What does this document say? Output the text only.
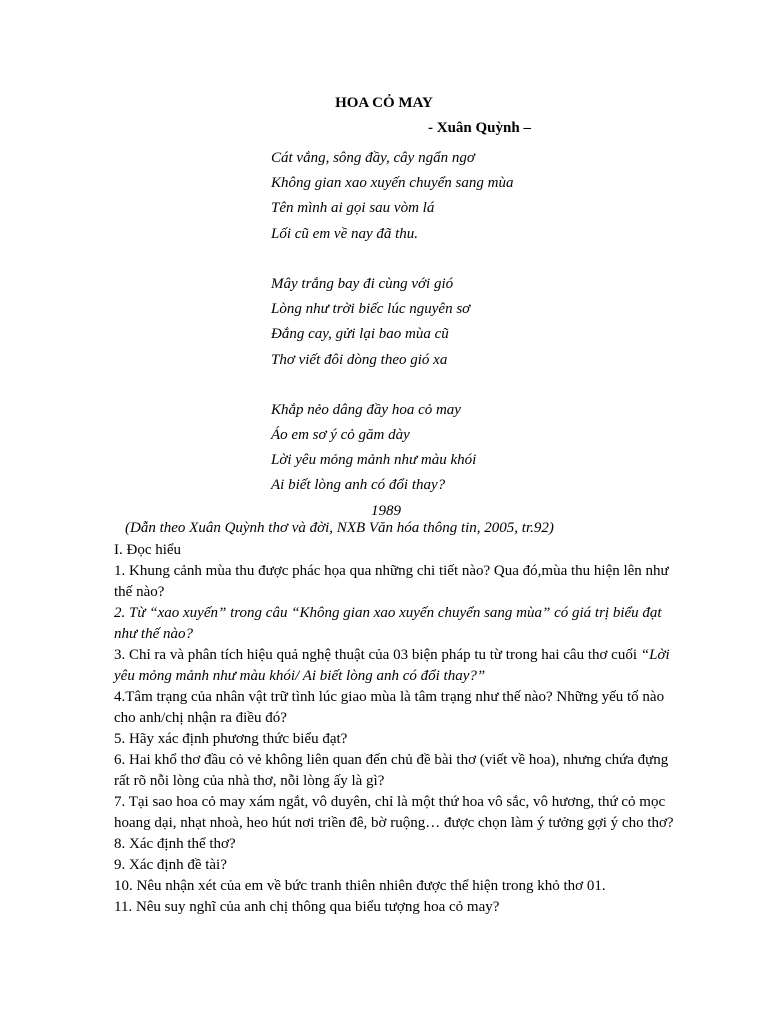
HOA CỎ MAY
- Xuân Quỳnh –
Cát vắng, sông đầy, cây ngẩn ngơ
Không gian xao xuyến chuyển sang mùa
Tên mình ai gọi sau vòm lá
Lối cũ em về nay đã thu.
Mây trắng bay đi cùng với gió
Lòng như trời biếc lúc nguyên sơ
Đắng cay, gửi lại bao mùa cũ
Thơ viết đôi dòng theo gió xa
Khắp nẻo dâng đầy hoa cỏ may
Áo em sơ ý cỏ găm dày
Lời yêu mỏng mảnh như màu khói
Ai biết lòng anh có đổi thay?
1989
(Dẫn theo Xuân Quỳnh thơ và đời, NXB Văn hóa thông tin, 2005, tr.92)

I. Đọc hiểu

1. Khung cảnh mùa thu được phác họa qua những chi tiết nào? Qua đó,mùa thu hiện lên như thế nào?

2. Từ “xao xuyến” trong câu “Không gian xao xuyến chuyển sang mùa” có giá trị biểu đạt như thế nào?

3. Chỉ ra và phân tích hiệu quả nghệ thuật của 03 biện pháp tu từ trong hai câu thơ cuối “Lời yêu mỏng mảnh như màu khói/ Ai biết lòng anh có đổi thay?”

4.Tâm trạng của nhân vật trữ tình lúc giao mùa là tâm trạng như thế nào? Những yếu tố nào cho anh/chị nhận ra điều đó?

5. Hãy xác định phương thức biểu đạt?

6. Hai khổ thơ đầu cỏ vẻ không liên quan đến chủ đề bài thơ (viết về hoa), nhưng chứa đựng rất rõ nỗi lòng của nhà thơ, nỗi lòng ấy là gì?

7. Tại sao hoa cỏ may xám ngắt, vô duyên, chỉ là một thứ hoa vô sắc, vô hương, thứ cỏ mọc hoang dại, nhạt nhoà, heo hút nơi triền đê, bờ ruộng… được chọn làm ý tưởng gợi ý cho thơ?

8. Xác định thể thơ?

9. Xác định đề tài?

10. Nêu nhận xét của em về bức tranh thiên nhiên được thể hiện trong khỏ thơ 01.

11. Nêu suy nghĩ của anh chị thông qua biểu tượng hoa cỏ may?
